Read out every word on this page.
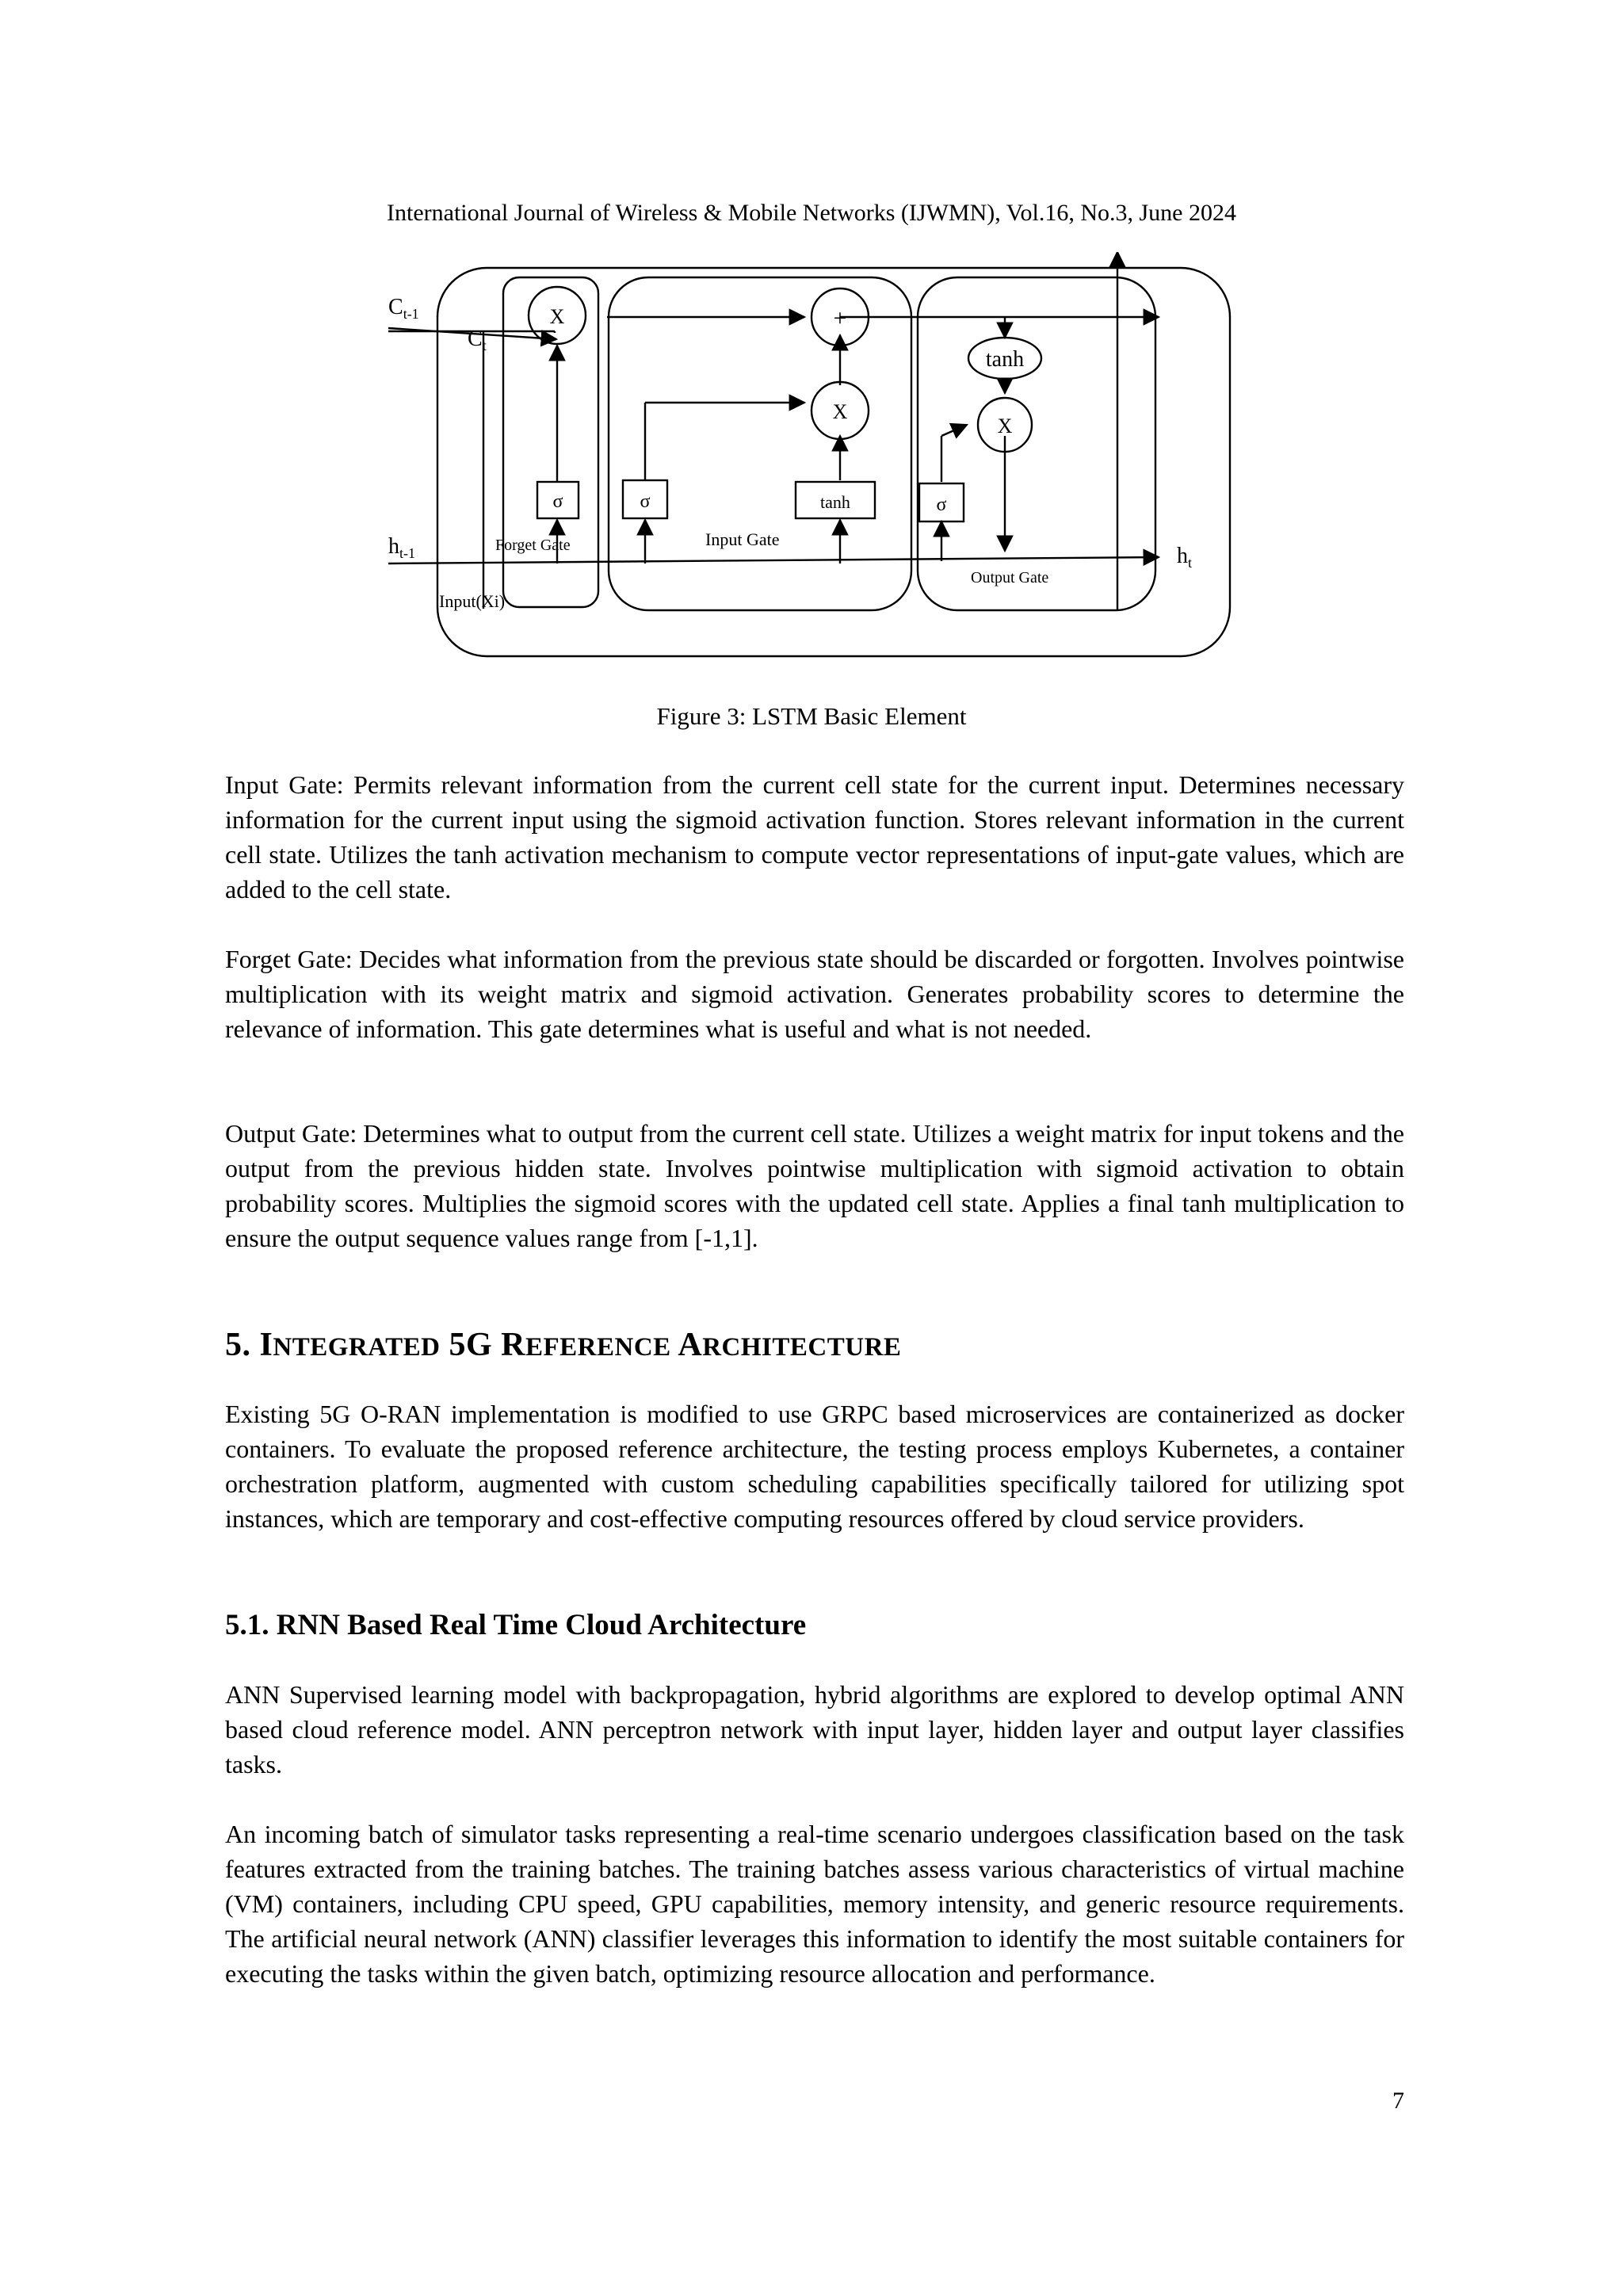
International Journal of Wireless & Mobile Networks (IJWMN), Vol.16, No.3, June 2024
X	+
X
tanh
X
σ	σ	tanh	σ
$C_{t-1}$
$C_t$
$h_{t-1}$	$h_t$
Input(Xi)
Forget Gate	Input Gate
Output Gate
Figure 3: LSTM Basic Element

Input Gate: Permits relevant information from the current cell state for the current input. Determines necessary information for the current input using the sigmoid activation function. Stores relevant information in the current cell state. Utilizes the tanh activation mechanism to compute vector representations of input-gate values, which are added to the cell state.

Forget Gate: Decides what information from the previous state should be discarded or forgotten. Involves pointwise multiplication with its weight matrix and sigmoid activation. Generates probability scores to determine the relevance of information. This gate determines what is useful and what is not needed.

Output Gate: Determines what to output from the current cell state. Utilizes a weight matrix for input tokens and the output from the previous hidden state. Involves pointwise multiplication with sigmoid activation to obtain probability scores. Multiplies the sigmoid scores with the updated cell state. Applies a final tanh multiplication to ensure the output sequence values range from [-1,1].

5. INTEGRATED 5G REFERENCE ARCHITECTURE

Existing 5G O-RAN implementation is modified to use GRPC based microservices are containerized as docker containers. To evaluate the proposed reference architecture, the testing process employs Kubernetes, a container orchestration platform, augmented with custom scheduling capabilities specifically tailored for utilizing spot instances, which are temporary and cost-effective computing resources offered by cloud service providers.

5.1. RNN Based Real Time Cloud Architecture

ANN Supervised learning model with backpropagation, hybrid algorithms are explored to develop optimal ANN based cloud reference model. ANN perceptron network with input layer, hidden layer and output layer classifies tasks.

An incoming batch of simulator tasks representing a real-time scenario undergoes classification based on the task features extracted from the training batches. The training batches assess various characteristics of virtual machine (VM) containers, including CPU speed, GPU capabilities, memory intensity, and generic resource requirements. The artificial neural network (ANN) classifier leverages this information to identify the most suitable containers for executing the tasks within the given batch, optimizing resource allocation and performance.

7
